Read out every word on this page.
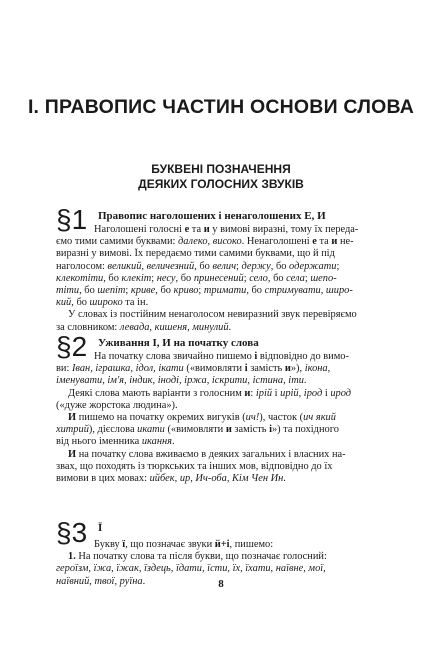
І. ПРАВОПИС ЧАСТИН ОСНОВИ СЛОВА
БУКВЕНІ ПОЗНАЧЕННЯ
ДЕЯКИХ ГОЛОСНИХ ЗВУКІВ
§1 Правопис наголошених і ненаголошених Е, И
Наголошені голосні е та и у вимові виразні, тому їх переда-
ємо тими самими буквами: далеко, високо. Ненаголошені е та и не-
виразні у вимові. Їх передаємо тими самими буквами, що й під
наголосом: великий, величезний, бо велич; держу, бо одержати;
клекотіти, бо клекіт; несу, бо принесений; село, бо села; шепо-
тіти, бо шепіт; криве, бо криво; тримати, бо стримувати, широ-
кий, бо широко та ін.
У словах із постійним ненаголосом невиразний звук перевіряємо
за словником: левада, кишеня, минулий.
§2 Уживання І, И на початку слова
На початку слова звичайно пишемо і відповідно до вимо-
ви: Іван, іграшка, ідол, ікати («вимовляти і замість и»), ікона,
іменувати, ім'я, індик, іноді, іржа, іскрити, істина, іти.
Деякі слова мають варіанти з голосним и: ірій і ирій, ірод і ирод
(«дуже жорстока людина»).
И пишемо на початку окремих вигуків (ич!), часток (ич який
хитрий), дієслова икати («вимовляти и замість і») та похідного
від нього іменника икання.
И на початку слова вживаємо в деяких загальних і власних на-
звах, що походять із тюркських та інших мов, відповідно до їх
вимови в цих мовах: ийбек, ир, Ич-оба, Кім Чен Ин.
§3 Ї
Букву ї, що позначає звуки й+і, пишемо:
1. На початку слова та після букви, що позначає голосний:
героїзм, їжа, їжак, їздець, їдати, їсти, їх, їхати, наївне, мої,
наївний, твої, руїна.	8
